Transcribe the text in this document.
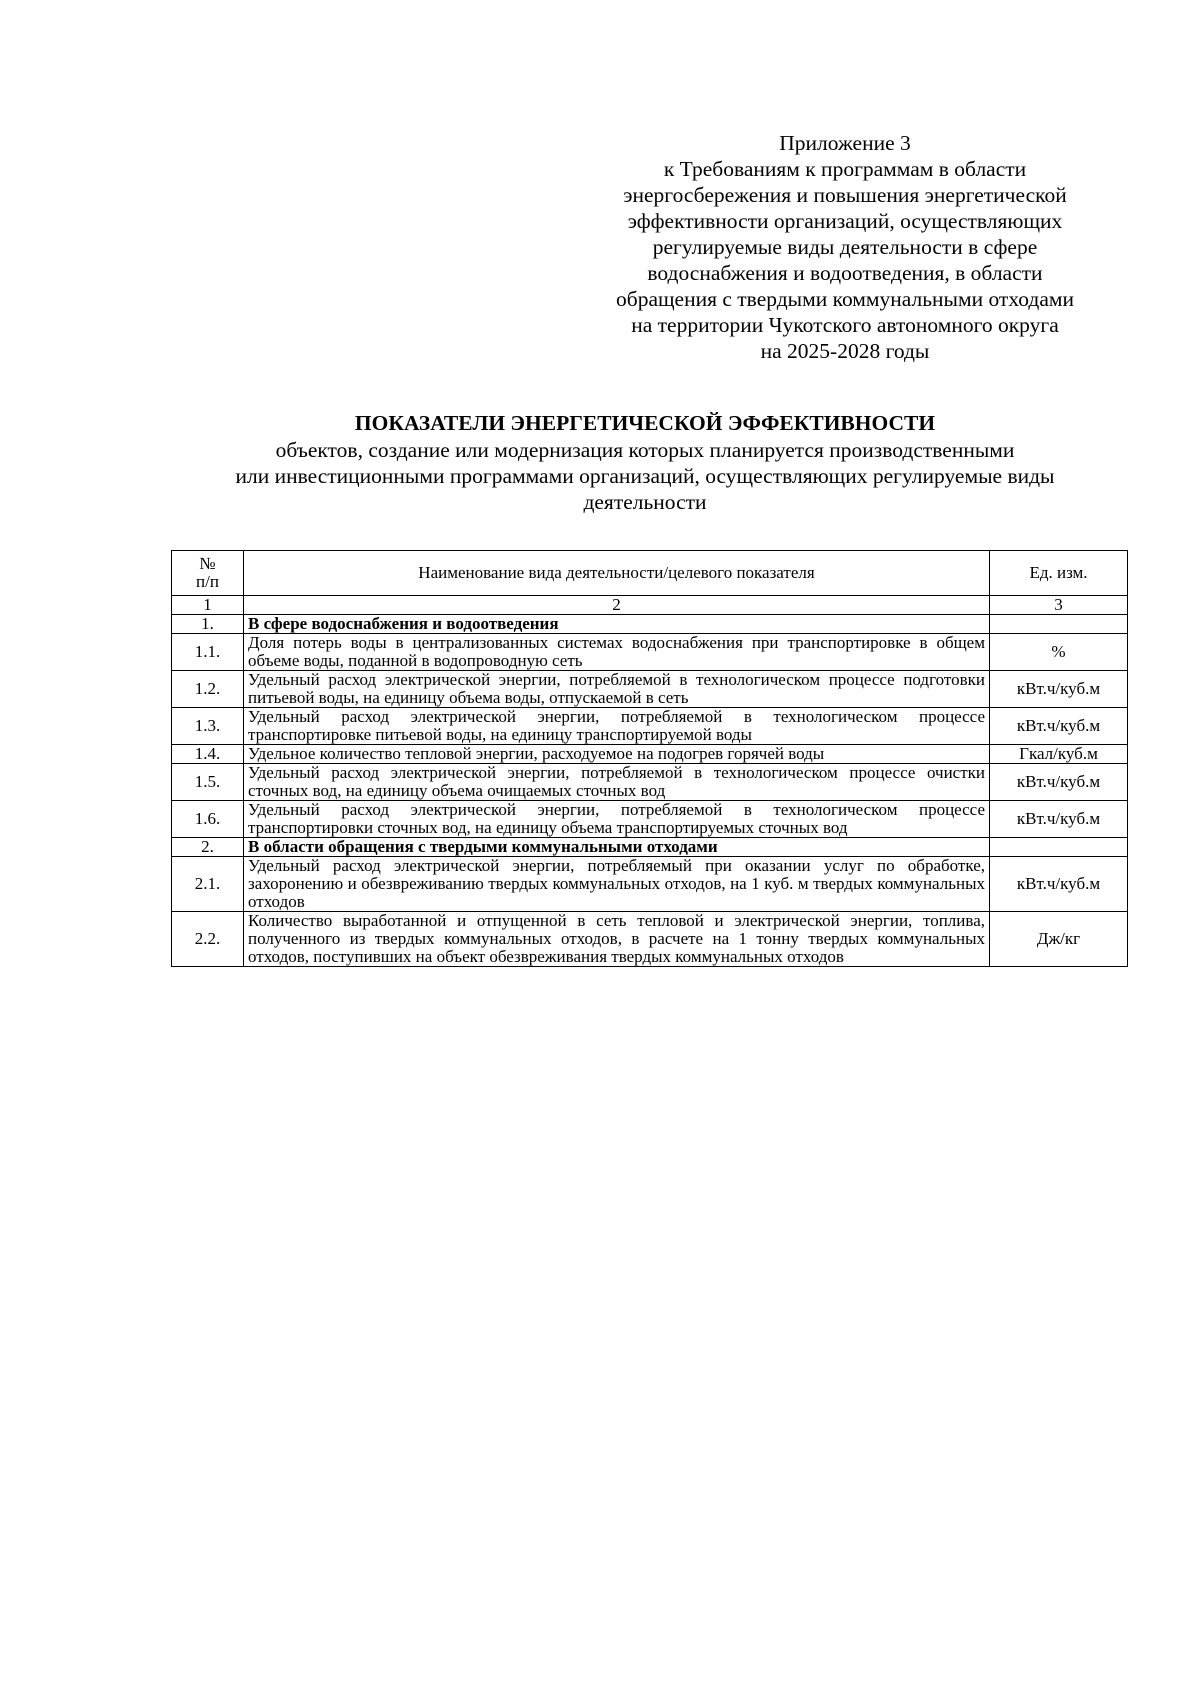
Приложение 3
к Требованиям к программам в области
энергосбережения и повышения энергетической
эффективности организаций, осуществляющих
регулируемые виды деятельности в сфере
водоснабжения и водоотведения, в области
обращения с твердыми коммунальными отходами
на территории Чукотского автономного округа
на 2025-2028 годы
ПОКАЗАТЕЛИ ЭНЕРГЕТИЧЕСКОЙ ЭФФЕКТИВНОСТИ
объектов, создание или модернизация которых планируется производственными
или инвестиционными программами организаций, осуществляющих регулируемые виды
деятельности
№
п/п	Наименование вида деятельности/целевого показателя	Ед. изм.
1	2	3
1.	В сфере водоснабжения и водоотведения	
1.1.	Доля потерь воды в централизованных системах водоснабжения при транспортировке в общем объеме воды, поданной в водопроводную сеть	%
1.2.	Удельный расход электрической энергии, потребляемой в технологическом процессе подготовки питьевой воды, на единицу объема воды, отпускаемой в сеть	кВт.ч/куб.м
1.3.	Удельный расход электрической энергии, потребляемой в технологическом процессе транспортировке питьевой воды, на единицу транспортируемой воды	кВт.ч/куб.м
1.4.	Удельное количество тепловой энергии, расходуемое на подогрев горячей воды	Гкал/куб.м
1.5.	Удельный расход электрической энергии, потребляемой в технологическом процессе очистки сточных вод, на единицу объема очищаемых сточных вод	кВт.ч/куб.м
1.6.	Удельный расход электрической энергии, потребляемой в технологическом процессе транспортировки сточных вод, на единицу объема транспортируемых сточных вод	кВт.ч/куб.м
2.	В области обращения с твердыми коммунальными отходами	
2.1.	Удельный расход электрической энергии, потребляемый при оказании услуг по обработке, захоронению и обезвреживанию твердых коммунальных отходов, на 1 куб. м твердых коммунальных отходов	кВт.ч/куб.м
2.2.	Количество выработанной и отпущенной в сеть тепловой и электрической энергии, топлива, полученного из твердых коммунальных отходов, в расчете на 1 тонну твердых коммунальных отходов, поступивших на объект обезвреживания твердых коммунальных отходов	Дж/кг
